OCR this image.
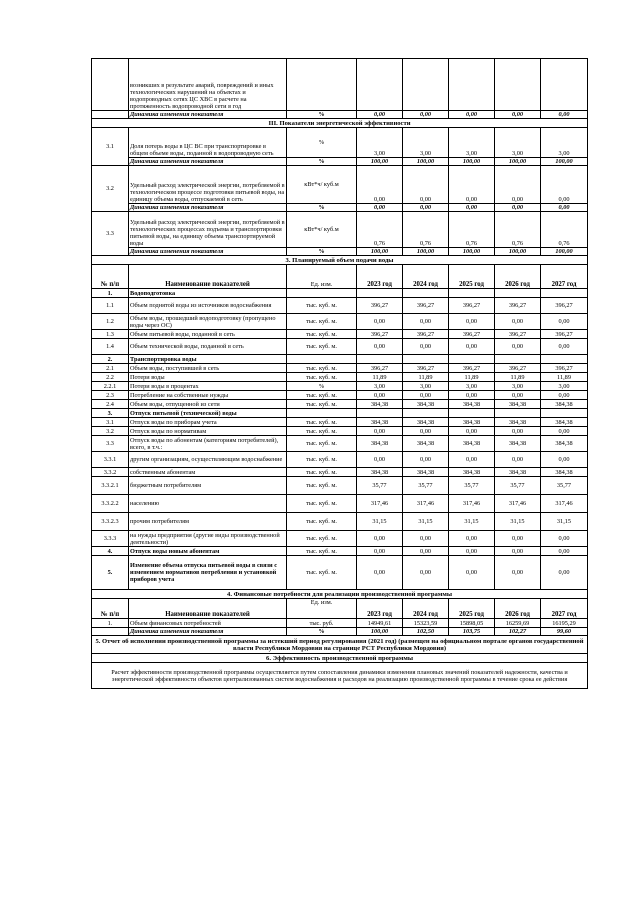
	возникших в результате аварий, повреждений и иных технологических нарушений на объектах и водопроводных сетях ЦС ХВС в расчете на протяженность водопроводной сети в год						
	Динамика изменения показателя	%	0,00	0,00	0,00	0,00	0,00
III. Показатели энергетической эффективности							
3.1	Доля потерь воды в ЦС ВС при транспортировке в общем объеме воды, поданной в водопроводную сеть	%	3,00	3,00	3,00	3,00	3,00
	Динамика изменения показателя	%	100,00	100,00	100,00	100,00	100,00
3.2	Удельный расход электрической энергии, потребляемой в технологическом процессе подготовки питьевой воды, на единицу объема воды, отпускаемой в сеть	кВт*ч/ куб.м	0,00	0,00	0,00	0,00	0,00
	Динамика изменения показателя	%	0,00	0,00	0,00	0,00	0,00
3.3	Удельный расход электрической энергии, потребляемой в технологических процессах подъема и транспортировки питьевой воды, на единицу объема транспортируемой воды	кВт*ч/ куб.м	0,76	0,76	0,76	0,76	0,76
	Динамика изменения показателя	%	100,00	100,00	100,00	100,00	100,00
3. Планируемый объем подачи воды							
№ п/п	Наименование показателей	Ед. изм.	2023 год	2024 год	2025 год	2026 год	2027 год
1.	Водоподготовка						
1.1	Объем поднятой воды из источников водоснабжения	тыс. куб. м.	396,27	396,27	396,27	396,27	396,27
1.2	Объем воды, прошедший водоподготовку (пропущено воды через ОС)	тыс. куб. м.	0,00	0,00	0,00	0,00	0,00
1.3	Объем питьевой воды, поданной в сеть	тыс. куб. м.	396,27	396,27	396,27	396,27	396,27
1.4	Объем технической воды, поданной в сеть	тыс. куб. м.	0,00	0,00	0,00	0,00	0,00
2.	Транспортировка воды						
2.1	Объем воды, поступившей в сеть	тыс. куб. м.	396,27	396,27	396,27	396,27	396,27
2.2	Потери воды	тыс. куб. м.	11,89	11,89	11,89	11,89	11,89
2.2.1	Потери воды в процентах	%	3,00	3,00	3,00	3,00	3,00
2.3	Потребление на собственные нужды	тыс. куб. м.	0,00	0,00	0,00	0,00	0,00
2.4	Объем воды, отпущенной из сети	тыс. куб. м.	384,38	384,38	384,38	384,38	384,38
3.	Отпуск питьевой (технической) воды						
3.1	Отпуск воды по приборам учета	тыс. куб. м.	384,38	384,38	384,38	384,38	384,38
3.2	Отпуск воды по нормативам	тыс. куб. м.	0,00	0,00	0,00	0,00	0,00
3.3	Отпуск воды по абонентам (категориям потребителей), всего, в т.ч.:	тыс. куб. м.	384,38	384,38	384,38	384,38	384,38
3.3.1	другим организациям, осуществляющим водоснабжение	тыс. куб. м.	0,00	0,00	0,00	0,00	0,00
3.3.2	собственным абонентам	тыс. куб. м.	384,38	384,38	384,38	384,38	384,38
3.3.2.1	бюджетным потребителям	тыс. куб. м.	35,77	35,77	35,77	35,77	35,77
3.3.2.2	населению	тыс. куб. м.	317,46	317,46	317,46	317,46	317,46
3.3.2.3	прочим потребителям	тыс. куб. м.	31,15	31,15	31,15	31,15	31,15
3.3.3	на нужды предприятия (другие виды производственной деятельности)	тыс. куб. м.	0,00	0,00	0,00	0,00	0,00
4.	Отпуск воды новым абонентам	тыс. куб. м.	0,00	0,00	0,00	0,00	0,00
5.	Изменение объема отпуска питьевой воды в связи с изменением нормативов потребления и установкой приборов учета	тыс. куб. м.	0,00	0,00	0,00	0,00	0,00
4. Финансовые потребности для реализации производственной программы							
№ п/п	Наименование показателей	Ед. изм.	2023 год	2024 год	2025 год	2026 год	2027 год
1.	Объем финансовых потребностей	тыс. руб.	14949,61	15323,59	15898,05	16259,69	16195,29
	Динамика изменения показателя	%	100,00	102,50	103,75	102,27	99,60
5. Отчет об исполнении производственной программы за истекший период регулирования (2021 год) (размещен на официальном портале органов государственной власти Республики Мордовия на странице РСТ Республики Мордовия)							
6. Эффективность производственной программы							
Расчет эффективности производственной программы осуществляется путем сопоставления динамики изменения плановых значений показателей надежности, качества и энергетической эффективности объектов централизованных систем водоснабжения и расходов на реализацию производственной программы в течение срока ее действия							
